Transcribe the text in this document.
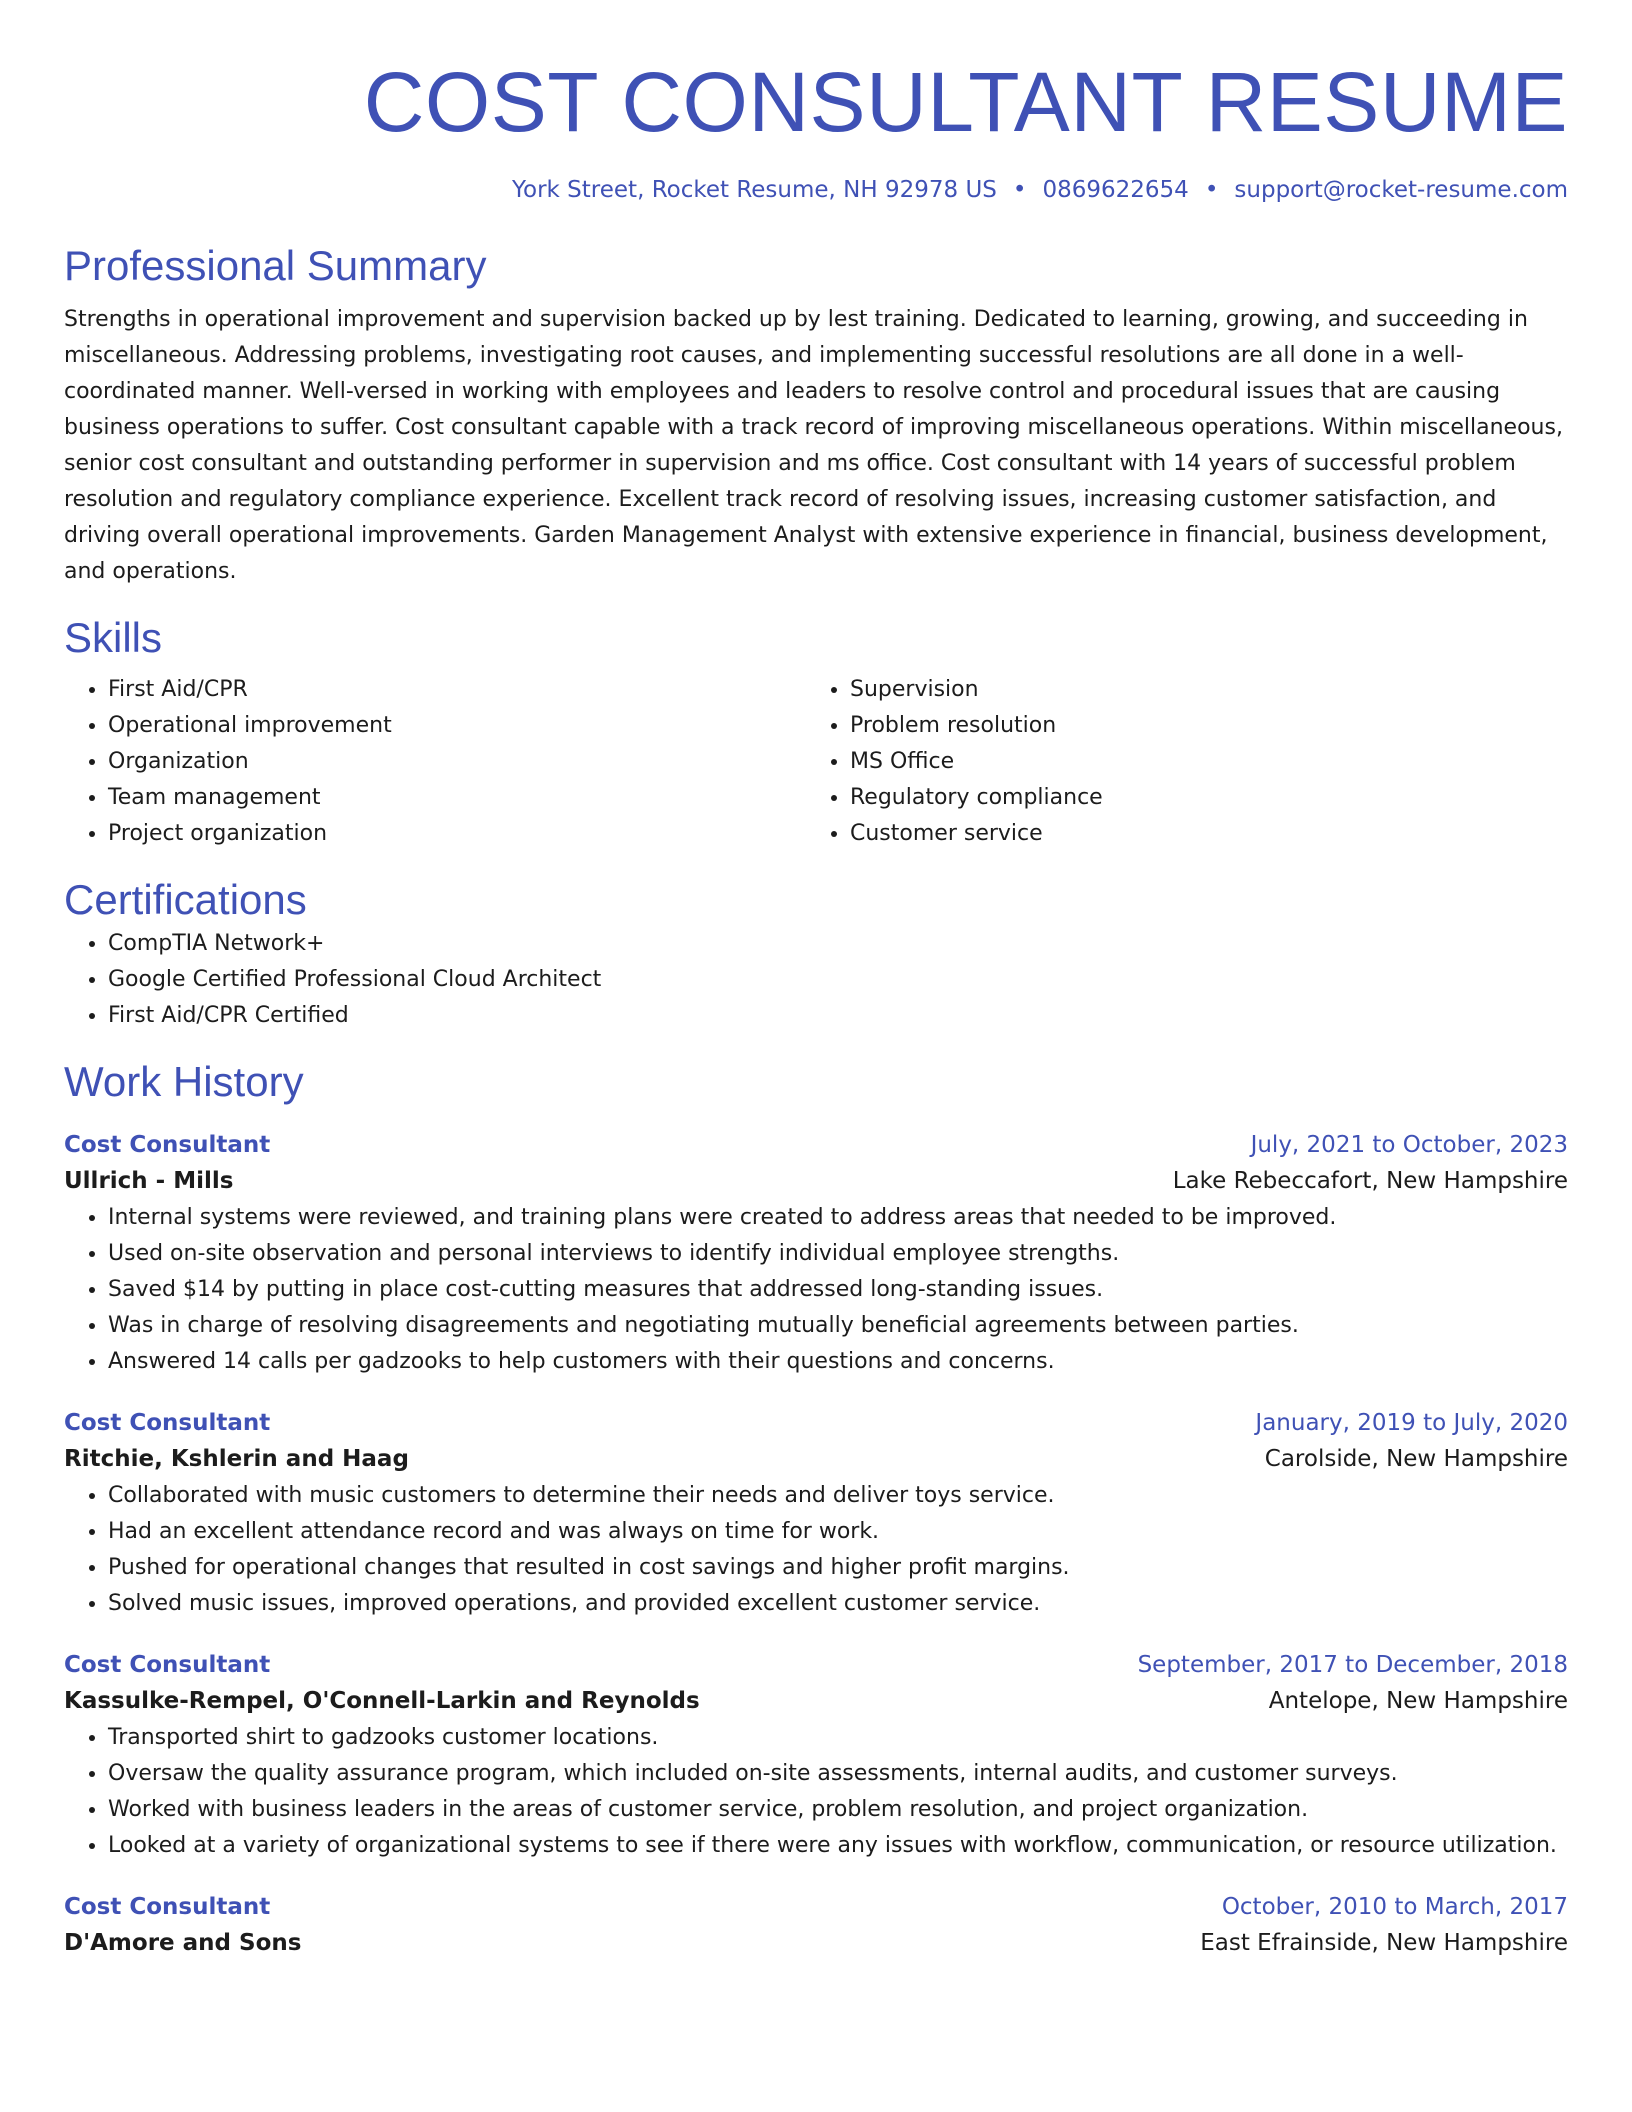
COST CONSULTANT RESUME
York Street, Rocket Resume, NH 92978 US • 0869622654 • support@rocket-resume.com
Professional Summary
Strengths in operational improvement and supervision backed up by lest training. Dedicated to learning, growing, and succeeding in miscellaneous. Addressing problems, investigating root causes, and implementing successful resolutions are all done in a well-coordinated manner. Well-versed in working with employees and leaders to resolve control and procedural issues that are causing business operations to suffer. Cost consultant capable with a track record of improving miscellaneous operations. Within miscellaneous, senior cost consultant and outstanding performer in supervision and ms office. Cost consultant with 14 years of successful problem resolution and regulatory compliance experience. Excellent track record of resolving issues, increasing customer satisfaction, and driving overall operational improvements. Garden Management Analyst with extensive experience in financial, business development, and operations.
Skills
• First Aid/CPR
• Operational improvement
• Organization
• Team management
• Project organization
• Supervision
• Problem resolution
• MS Office
• Regulatory compliance
• Customer service
Certifications
• CompTIA Network+
• Google Certified Professional Cloud Architect
• First Aid/CPR Certified
Work History
Cost Consultant	July, 2021 to October, 2023
Ullrich - Mills	Lake Rebeccafort, New Hampshire
• Internal systems were reviewed, and training plans were created to address areas that needed to be improved.
• Used on-site observation and personal interviews to identify individual employee strengths.
• Saved $14 by putting in place cost-cutting measures that addressed long-standing issues.
• Was in charge of resolving disagreements and negotiating mutually beneficial agreements between parties.
• Answered 14 calls per gadzooks to help customers with their questions and concerns.
Cost Consultant	January, 2019 to July, 2020
Ritchie, Kshlerin and Haag	Carolside, New Hampshire
• Collaborated with music customers to determine their needs and deliver toys service.
• Had an excellent attendance record and was always on time for work.
• Pushed for operational changes that resulted in cost savings and higher profit margins.
• Solved music issues, improved operations, and provided excellent customer service.
Cost Consultant	September, 2017 to December, 2018
Kassulke-Rempel, O'Connell-Larkin and Reynolds	Antelope, New Hampshire
• Transported shirt to gadzooks customer locations.
• Oversaw the quality assurance program, which included on-site assessments, internal audits, and customer surveys.
• Worked with business leaders in the areas of customer service, problem resolution, and project organization.
• Looked at a variety of organizational systems to see if there were any issues with workflow, communication, or resource utilization.
Cost Consultant	October, 2010 to March, 2017
D'Amore and Sons	East Efrainside, New Hampshire
